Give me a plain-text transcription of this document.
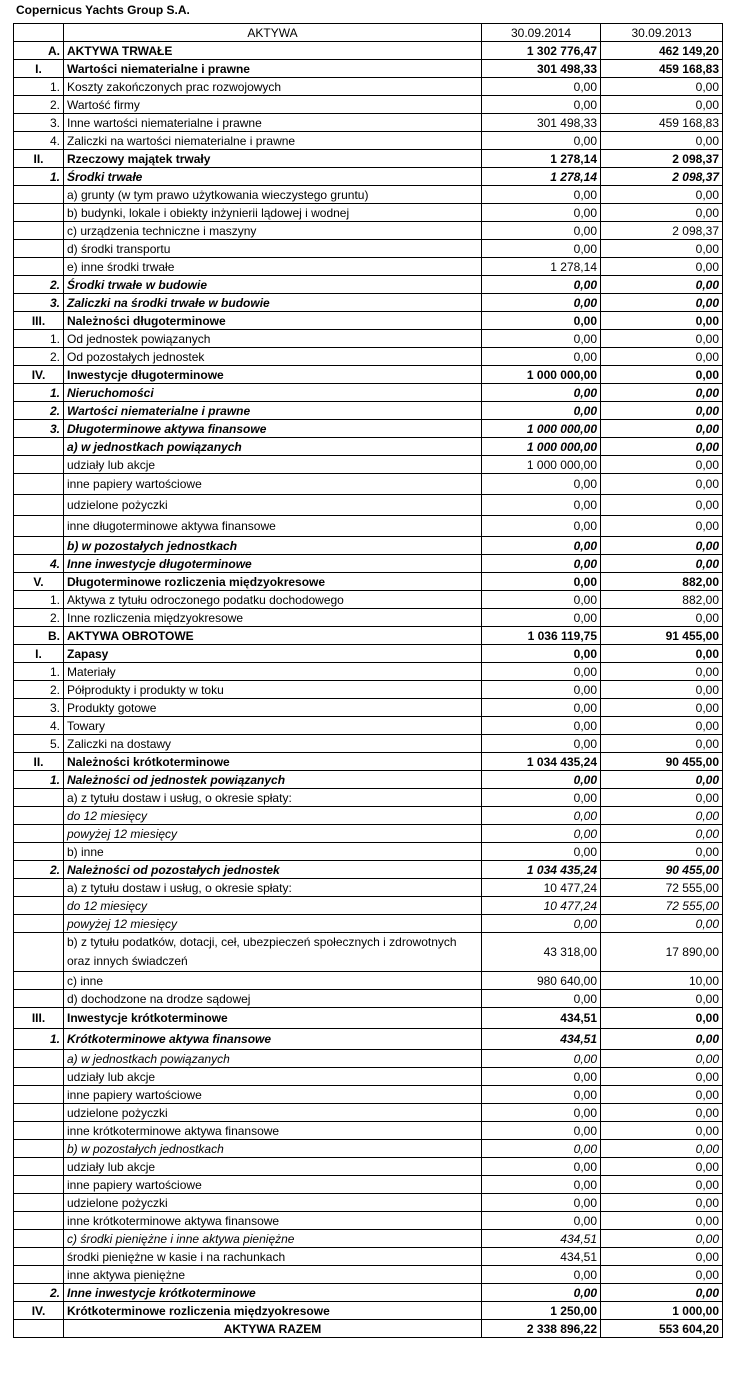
Copernicus Yachts Group S.A.
	AKTYWA	30.09.2014	30.09.2013
A.	AKTYWA TRWAŁE	1 302 776,47	462 149,20
I.	Wartości niematerialne i prawne	301 498,33	459 168,83
1.	Koszty zakończonych prac rozwojowych	0,00	0,00
2.	Wartość firmy	0,00	0,00
3.	Inne wartości niematerialne i prawne	301 498,33	459 168,83
4.	Zaliczki na wartości niematerialne i prawne	0,00	0,00
II.	Rzeczowy majątek trwały	1 278,14	2 098,37
1.	Środki trwałe	1 278,14	2 098,37
	a) grunty (w tym prawo użytkowania wieczystego gruntu)	0,00	0,00
	b) budynki, lokale i obiekty inżynierii lądowej i wodnej	0,00	0,00
	c) urządzenia techniczne i maszyny	0,00	2 098,37
	d) środki transportu	0,00	0,00
	e) inne środki trwałe	1 278,14	0,00
2.	Środki trwałe w budowie	0,00	0,00
3.	Zaliczki na środki trwałe w budowie	0,00	0,00
III.	Należności długoterminowe	0,00	0,00
1.	Od jednostek powiązanych	0,00	0,00
2.	Od pozostałych jednostek	0,00	0,00
IV.	Inwestycje długoterminowe	1 000 000,00	0,00
1.	Nieruchomości	0,00	0,00
2.	Wartości niematerialne i prawne	0,00	0,00
3.	Długoterminowe aktywa finansowe	1 000 000,00	0,00
	a) w jednostkach powiązanych	1 000 000,00	0,00
	udziały lub akcje	1 000 000,00	0,00
	inne papiery wartościowe	0,00	0,00
	udzielone pożyczki	0,00	0,00
	inne długoterminowe aktywa finansowe	0,00	0,00
	b) w pozostałych jednostkach	0,00	0,00
4.	Inne inwestycje długoterminowe	0,00	0,00
V.	Długoterminowe rozliczenia międzyokresowe	0,00	882,00
1.	Aktywa z tytułu odroczonego podatku dochodowego	0,00	882,00
2.	Inne rozliczenia międzyokresowe	0,00	0,00
B.	AKTYWA OBROTOWE	1 036 119,75	91 455,00
I.	Zapasy	0,00	0,00
1.	Materiały	0,00	0,00
2.	Półprodukty i produkty w toku	0,00	0,00
3.	Produkty gotowe	0,00	0,00
4.	Towary	0,00	0,00
5.	Zaliczki na dostawy	0,00	0,00
II.	Należności krótkoterminowe	1 034 435,24	90 455,00
1.	Należności od jednostek powiązanych	0,00	0,00
	a) z tytułu dostaw i usług, o okresie spłaty:	0,00	0,00
	do 12 miesięcy	0,00	0,00
	powyżej 12 miesięcy	0,00	0,00
	b) inne	0,00	0,00
2.	Należności od pozostałych jednostek	1 034 435,24	90 455,00
	a) z tytułu dostaw i usług, o okresie spłaty:	10 477,24	72 555,00
	do 12 miesięcy	10 477,24	72 555,00
	powyżej 12 miesięcy	0,00	0,00
	b) z tytułu podatków, dotacji, ceł, ubezpieczeń społecznych i zdrowotnych oraz innych świadczeń	43 318,00	17 890,00
	c) inne	980 640,00	10,00
	d) dochodzone na drodze sądowej	0,00	0,00
III.	Inwestycje krótkoterminowe	434,51	0,00
1.	Krótkoterminowe aktywa finansowe	434,51	0,00
	a) w jednostkach powiązanych	0,00	0,00
	udziały lub akcje	0,00	0,00
	inne papiery wartościowe	0,00	0,00
	udzielone pożyczki	0,00	0,00
	inne krótkoterminowe aktywa finansowe	0,00	0,00
	b) w pozostałych jednostkach	0,00	0,00
	udziały lub akcje	0,00	0,00
	inne papiery wartościowe	0,00	0,00
	udzielone pożyczki	0,00	0,00
	inne krótkoterminowe aktywa finansowe	0,00	0,00
	c) środki pieniężne i inne aktywa pieniężne	434,51	0,00
	środki pieniężne w kasie i na rachunkach	434,51	0,00
	inne aktywa pieniężne	0,00	0,00
2.	Inne inwestycje krótkoterminowe	0,00	0,00
IV.	Krótkoterminowe rozliczenia międzyokresowe	1 250,00	1 000,00
	AKTYWA RAZEM	2 338 896,22	553 604,20
